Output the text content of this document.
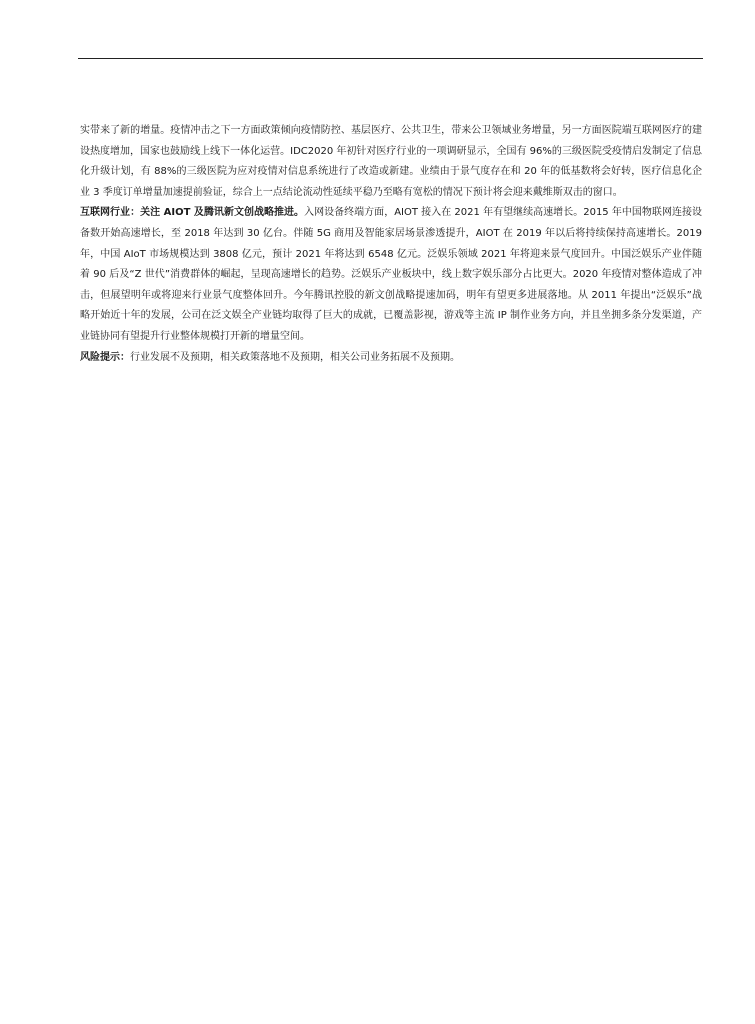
实带来了新的增量。疫情冲击之下一方面政策倾向疫情防控、基层医疗、公共卫生，带来公卫领域业务增量，另一方面医院端互联网医疗的建设热度增加，国家也鼓励线上线下一体化运营。IDC2020 年初针对医疗行业的一项调研显示，全国有 96%的三级医院受疫情启发制定了信息化升级计划，有 88%的三级医院为应对疫情对信息系统进行了改造或新建。业绩由于景气度存在和 20 年的低基数将会好转，医疗信息化企业 3 季度订单增量加速提前验证，综合上一点结论流动性延续平稳乃至略有宽松的情况下预计将会迎来戴维斯双击的窗口。

互联网行业：关注 AIOT 及腾讯新文创战略推进。入网设备终端方面，AIOT 接入在 2021 年有望继续高速增长。2015 年中国物联网连接设备数开始高速增长，至 2018 年达到 30 亿台。伴随 5G 商用及智能家居场景渗透提升，AIOT 在 2019 年以后将持续保持高速增长。2019 年，中国 AIoT 市场规模达到 3808 亿元，预计 2021 年将达到 6548 亿元。泛娱乐领域 2021 年将迎来景气度回升。中国泛娱乐产业伴随着 90 后及“Z 世代”消费群体的崛起，呈现高速增长的趋势。泛娱乐产业板块中，线上数字娱乐部分占比更大。2020 年疫情对整体造成了冲击，但展望明年或将迎来行业景气度整体回升。今年腾讯控股的新文创战略提速加码，明年有望更多进展落地。从 2011 年提出“泛娱乐”战略开始近十年的发展，公司在泛文娱全产业链均取得了巨大的成就，已覆盖影视，游戏等主流 IP 制作业务方向，并且坐拥多条分发渠道，产业链协同有望提升行业整体规模打开新的增量空间。

风险提示：行业发展不及预期，相关政策落地不及预期，相关公司业务拓展不及预期。
